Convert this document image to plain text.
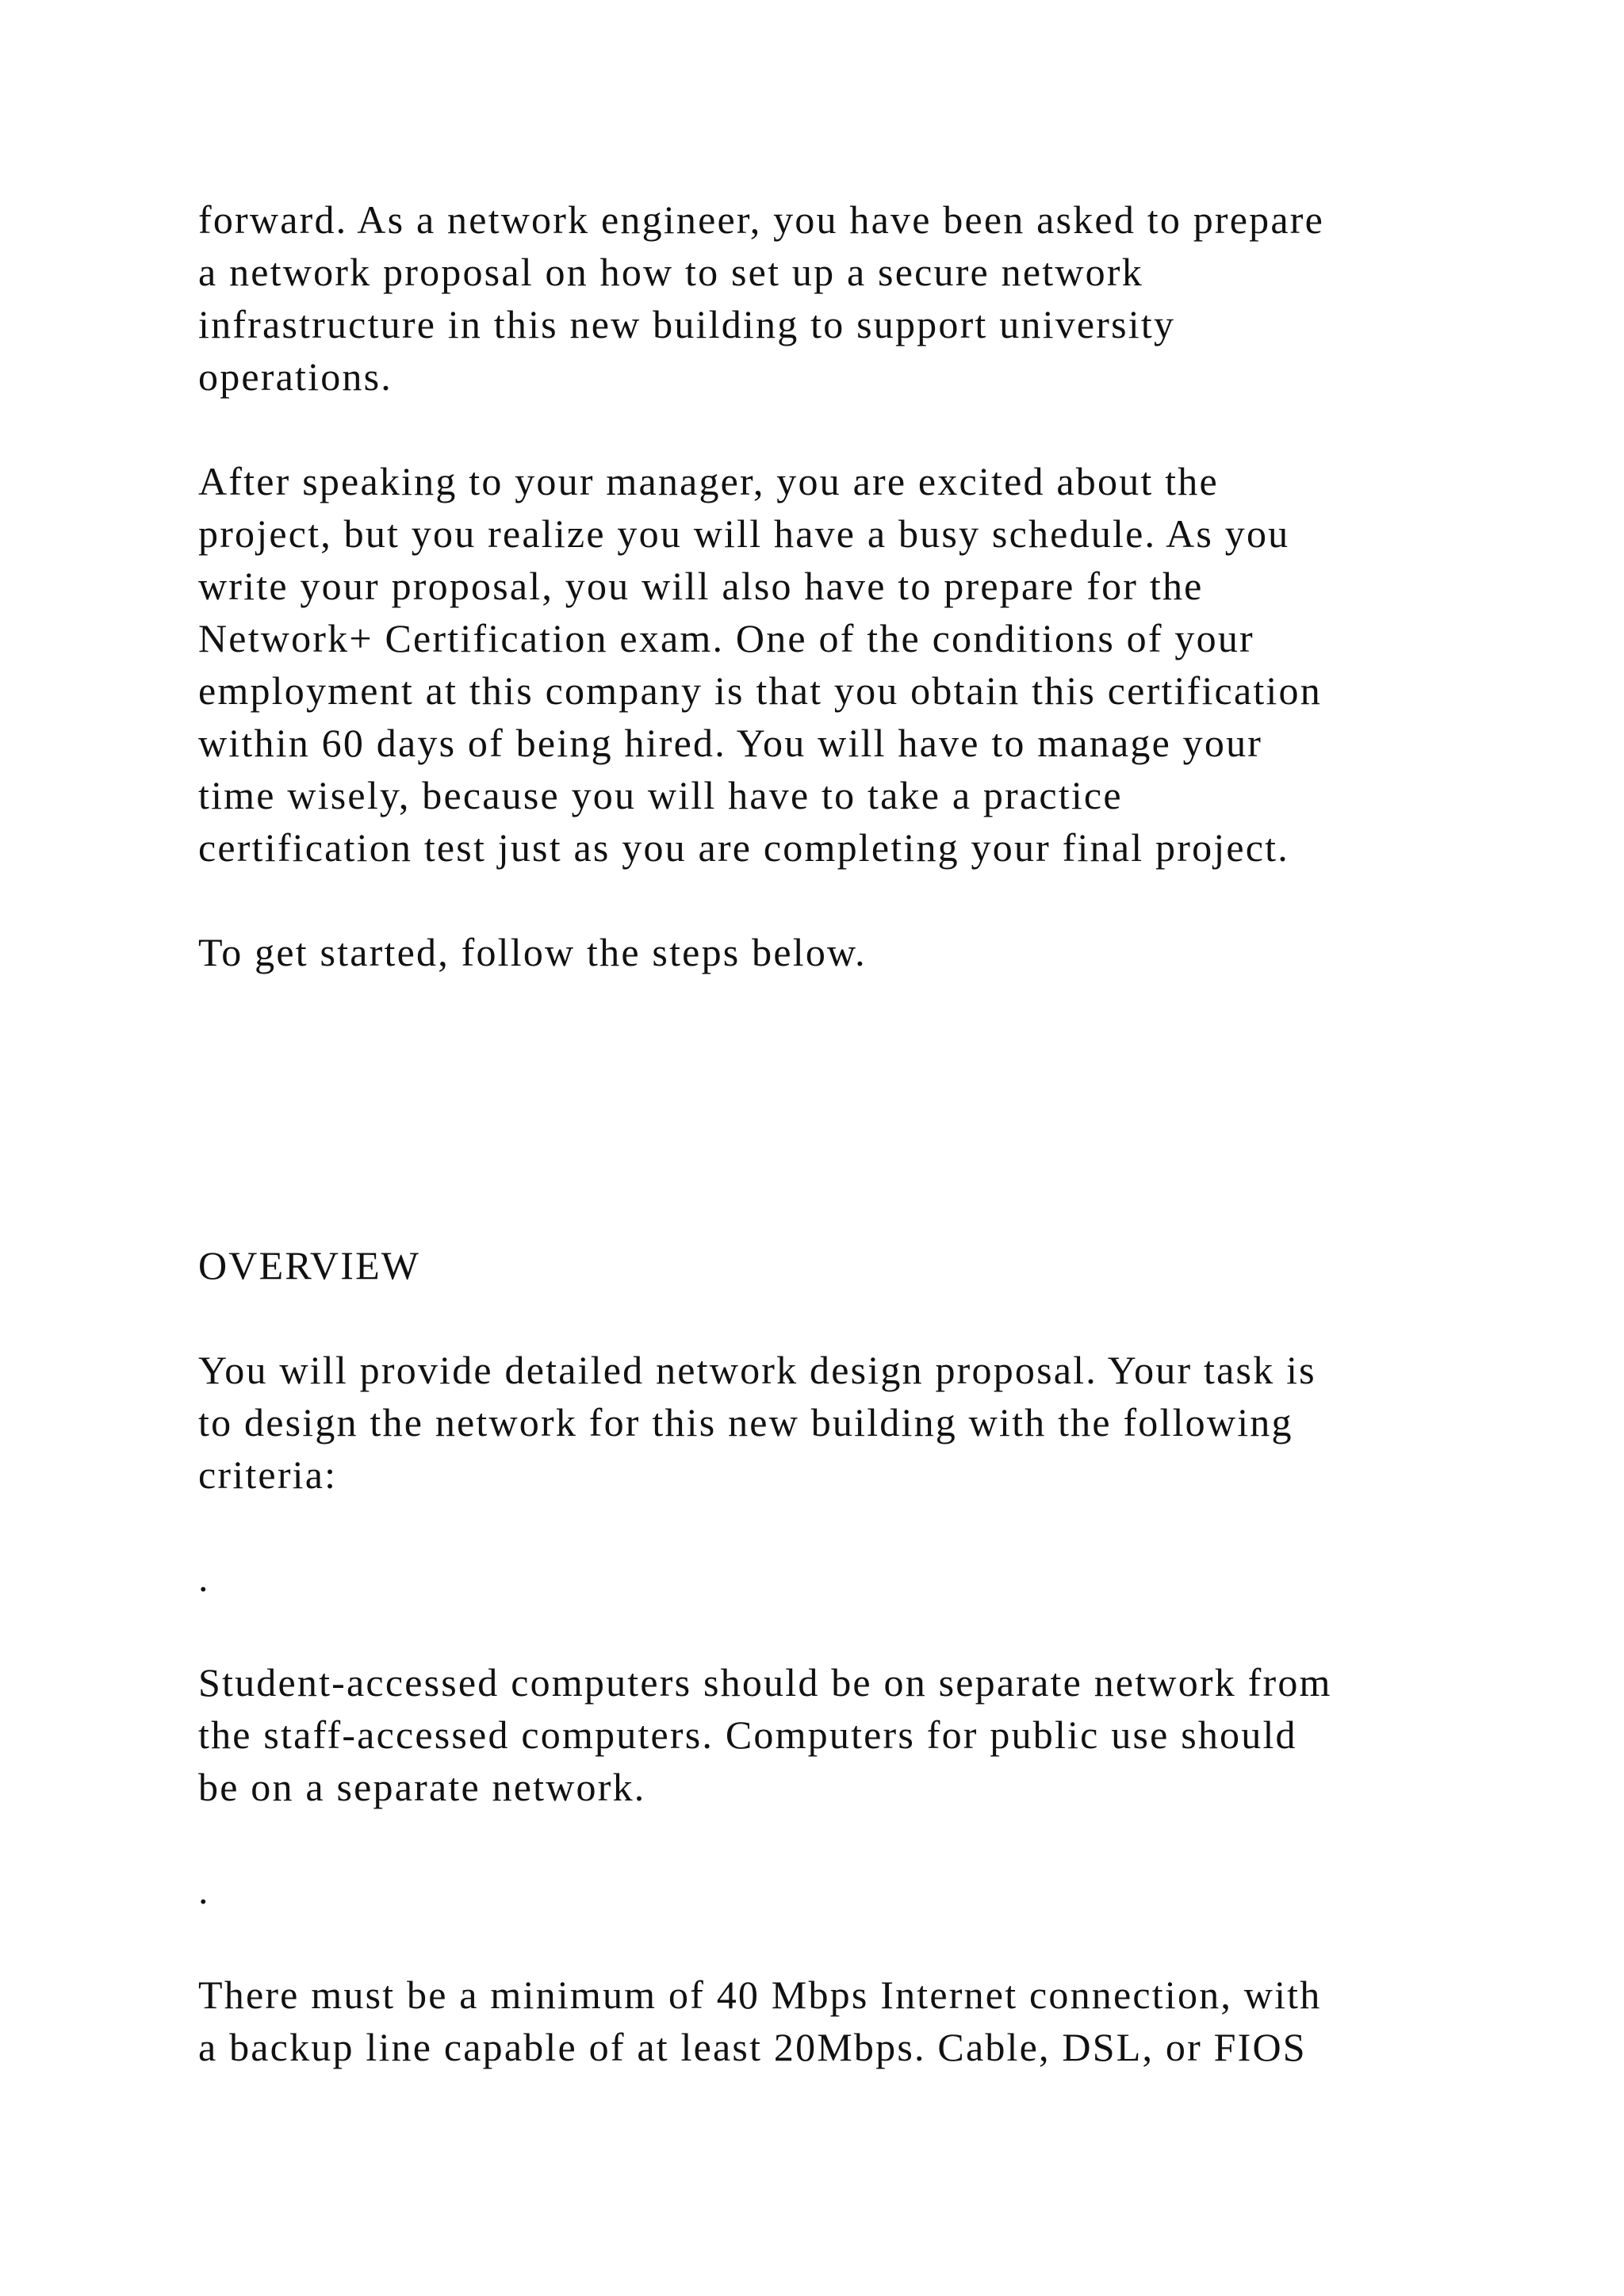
forward. As a network engineer, you have been asked to prepare
a network proposal on how to set up a secure network
infrastructure in this new building to support university
operations.

After speaking to your manager, you are excited about the
project, but you realize you will have a busy schedule. As you
write your proposal, you will also have to prepare for the
Network+ Certification exam. One of the conditions of your
employment at this company is that you obtain this certification
within 60 days of being hired. You will have to manage your
time wisely, because you will have to take a practice
certification test just as you are completing your final project.

To get started, follow the steps below.

OVERVIEW

You will provide detailed network design proposal. Your task is
to design the network for this new building with the following
criteria:

.

Student-accessed computers should be on separate network from
the staff-accessed computers. Computers for public use should
be on a separate network.

.

There must be a minimum of 40 Mbps Internet connection, with
a backup line capable of at least 20Mbps. Cable, DSL, or FIOS
